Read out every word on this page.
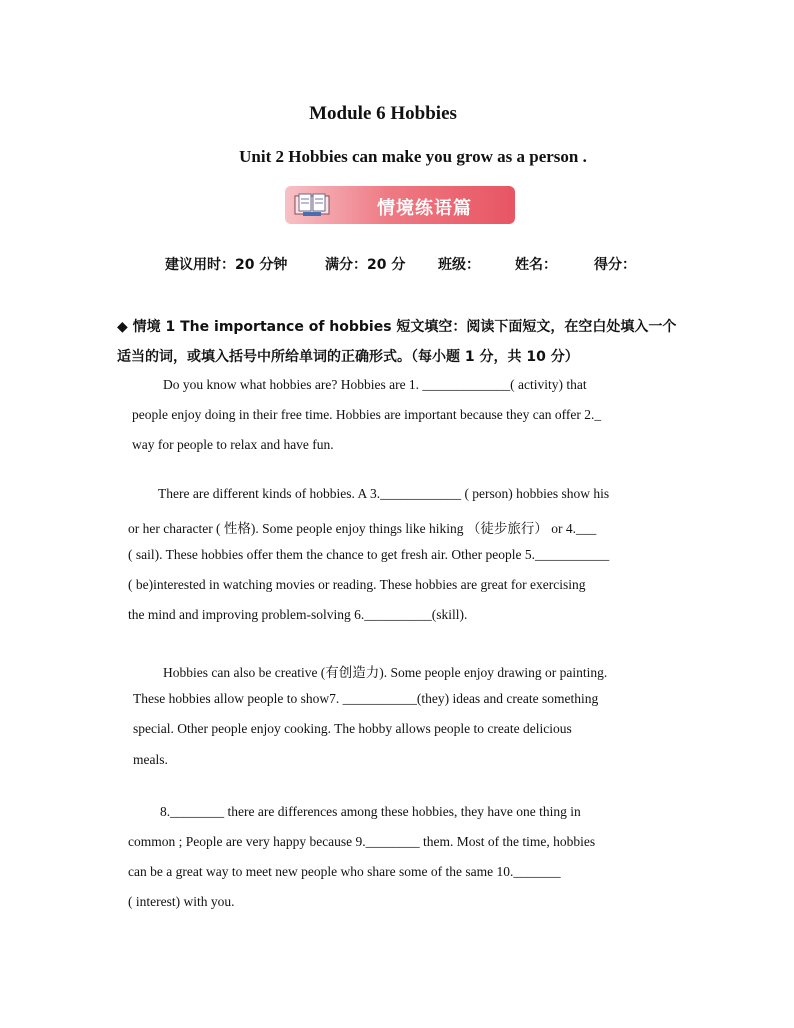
Module 6 Hobbies
Unit 2 Hobbies can make you grow as a person .
情境练语篇
建议用时：20 分钟	满分：20 分 班级：	姓名：	得分：
◆ 情境 1 The importance of hobbies 短文填空：阅读下面短文，在空白处填入一个
适当的词，或填入括号中所给单词的正确形式。（每小题 1 分，共 10 分）
Do you know what hobbies are? Hobbies are 1. _____________( activity) that
people enjoy doing in their free time. Hobbies are important because they can offer 2._
way for people to relax and have fun.
There are different kinds of hobbies. A 3.____________ ( person) hobbies show his
or her character ( 性格). Some people enjoy things like hiking （徒步旅行） or 4.___
( sail). These hobbies offer them the chance to get fresh air. Other people 5.___________
( be)interested in watching movies or reading. These hobbies are great for exercising
the mind and improving problem-solving 6.__________(skill).
Hobbies can also be creative (有创造力). Some people enjoy drawing or painting.
These hobbies allow people to show7. ___________(they) ideas and create something
special. Other people enjoy cooking. The hobby allows people to create delicious
meals.
8.________ there are differences among these hobbies, they have one thing in
common ; People are very happy because 9.________ them. Most of the time, hobbies
can be a great way to meet new people who share some of the same 10._______
( interest) with you.
